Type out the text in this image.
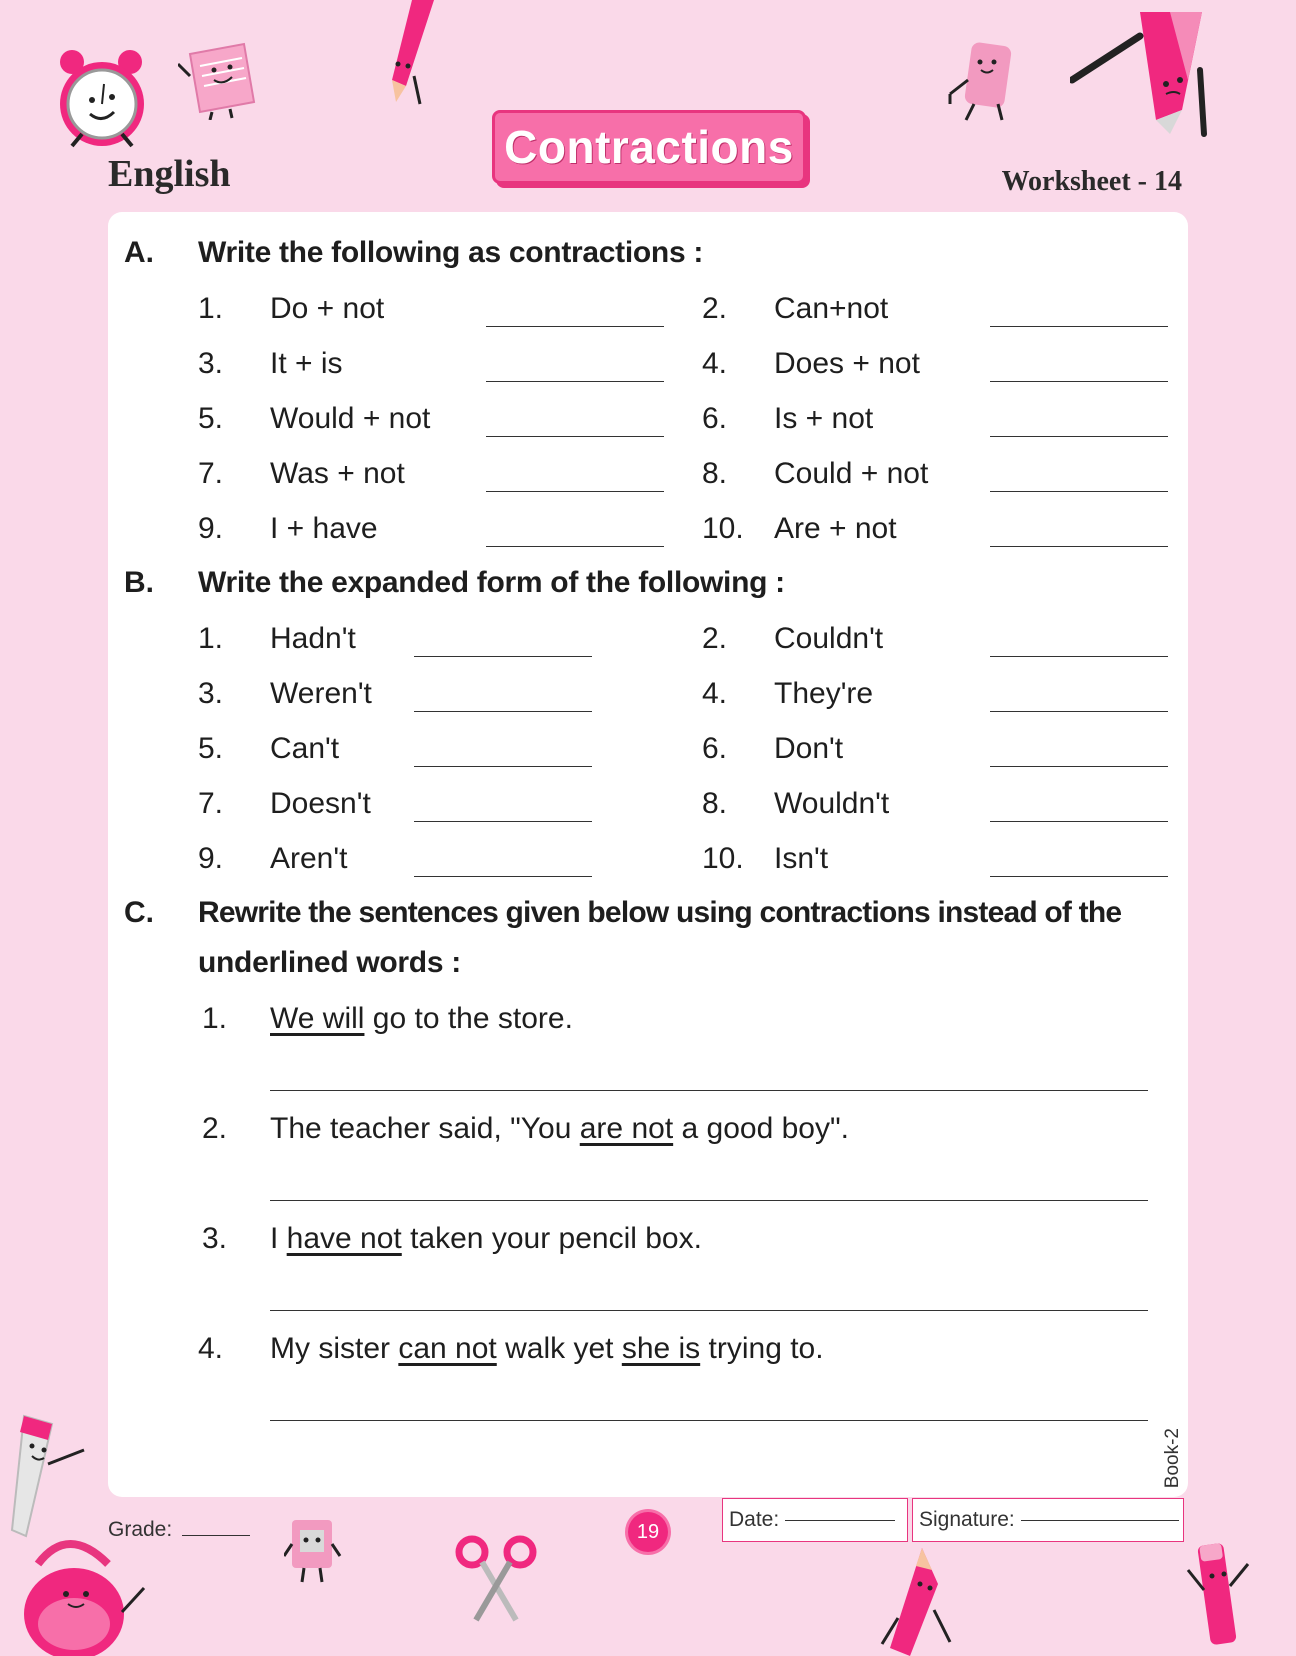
English
Contractions
Worksheet - 14
A. Write the following as contractions :
1. Do + not	2. Can+not
3. It + is	4. Does + not
5. Would + not	6. Is + not
7. Was + not	8. Could + not
9. I + have	10. Are + not
B. Write the expanded form of the following :
1. Hadn't	2. Couldn't
3. Weren't	4. They're
5. Can't	6. Don't
7. Doesn't	8. Wouldn't
9. Aren't	10. Isn't
C. Rewrite the sentences given below using contractions instead of the
underlined words :
1. We will go to the store.
2. The teacher said, "You are not a good boy".
3. I have not taken your pencil box.
4. My sister can not walk yet she is trying to.
Book-2
Grade:	19
Date:	Signature:
